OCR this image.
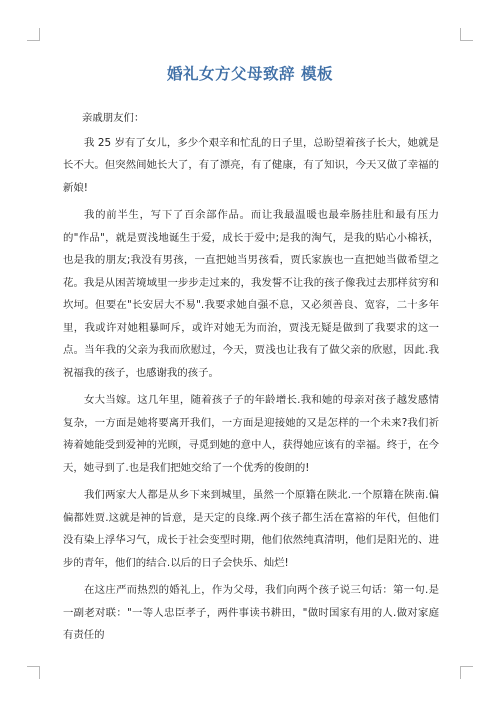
婚礼女方父母致辞 模板

亲戚朋友们：

我 25 岁有了女儿，多少个艰辛和忙乱的日子里，总盼望着孩子长大，她就是长不大。但突然间她长大了，有了漂亮，有了健康，有了知识，今天又做了幸福的新娘!

我的前半生，写下了百余部作品。而让我最温暖也最牵肠挂肚和最有压力的"作品"，就是贾浅地诞生于爱，成长于爱中;是我的淘气，是我的贴心小棉袄，也是我的朋友;我没有男孩，一直把她当男孩看，贾氏家族也一直把她当做希望之花。我是从困苦境域里一步步走过来的，我发誓不让我的孩子像我过去那样贫穷和坎坷。但要在"长安居大不易".我要求她自强不息，又必须善良、宽容，二十多年里，我或许对她粗暴呵斥，或许对她无为而治，贾浅无疑是做到了我要求的这一点。当年我的父亲为我而欣慰过，今天，贾浅也让我有了做父亲的欣慰，因此.我祝福我的孩子，也感谢我的孩子。

女大当嫁。这几年里，随着孩子子的年龄增长.我和她的母亲对孩子越发感情复杂，一方面是她将要离开我们，一方面是迎接她的又是怎样的一个未来?我们祈祷着她能受到爱神的光顾，寻觅到她的意中人，获得她应该有的幸福。终于，在今天，她寻到了.也是我们把她交给了一个优秀的俊朗的!

我们两家大人都是从乡下来到城里，虽然一个原籍在陕北.一个原籍在陕南.偏偏都姓贾.这就是神的旨意，是天定的良缘.两个孩子都生活在富裕的年代，但他们没有染上浮华习气，成长于社会变型时期，他们依然纯真清明，他们是阳光的、进步的青年，他们的结合.以后的日子会快乐、灿烂!

在这庄严而热烈的婚礼上，作为父母，我们向两个孩子说三句话：第一句.是一副老对联："一等人忠臣孝子，两件事读书耕田，"做时国家有用的人.做对家庭有责任的
